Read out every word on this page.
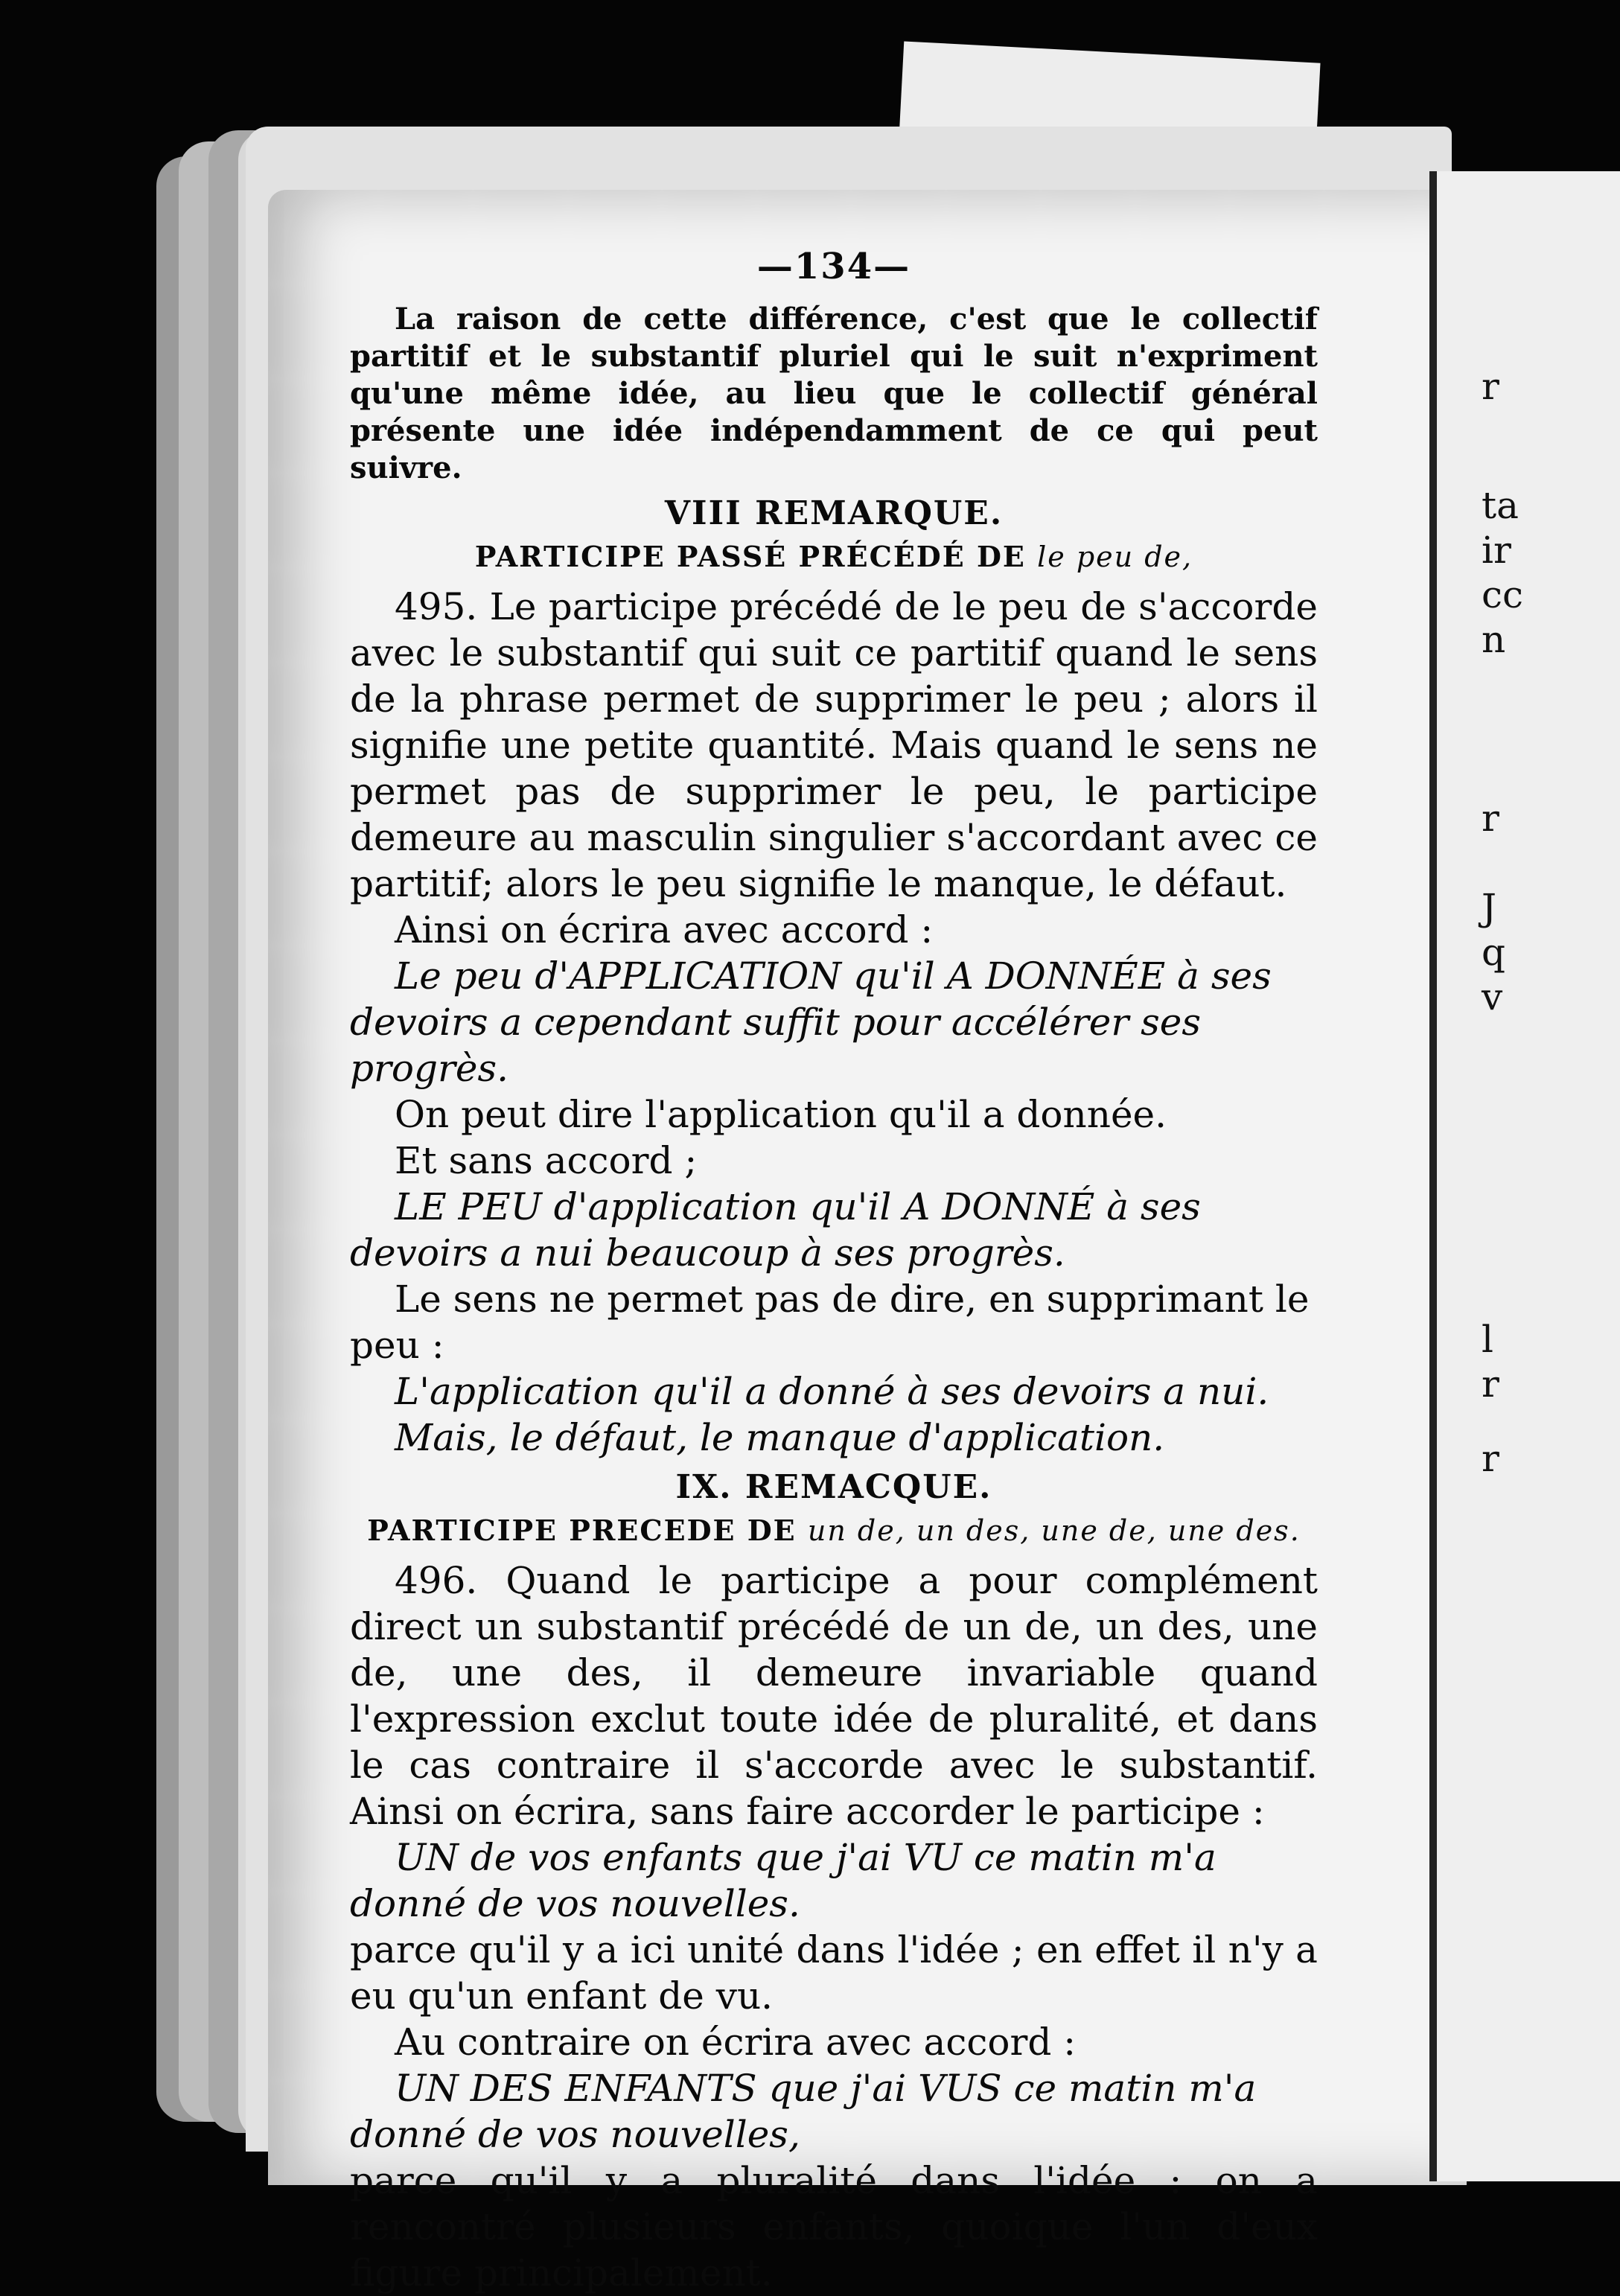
r
ta
ir
cc
n
r
J
q
v
l
r
r

—134—

La raison de cette différence, c'est que le collectif partitif et le substantif pluriel qui le suit n'expriment qu'une même idée, au lieu que le collectif général présente une idée indépendamment de ce qui peut suivre.

VIII REMARQUE.

PARTICIPE PASSÉ PRÉCÉDÉ DE le peu de,

495. Le participe précédé de le peu de s'accorde avec le substantif qui suit ce partitif quand le sens de la phrase permet de supprimer le peu ; alors il signifie une petite quantité. Mais quand le sens ne permet pas de supprimer le peu, le participe demeure au masculin singulier s'accordant avec ce partitif; alors le peu signifie le manque, le défaut.

Ainsi on écrira avec accord :

Le peu d'APPLICATION qu'il A DONNÉE à ses devoirs a cependant suffit pour accélérer ses progrès.

On peut dire l'application qu'il a donnée.

Et sans accord ;

LE PEU d'application qu'il A DONNÉ à ses devoirs a nui beaucoup à ses progrès.

Le sens ne permet pas de dire, en supprimant le peu :

L'application qu'il a donné à ses devoirs a nui.

Mais, le défaut, le manque d'application.

IX. REMACQUE.

PARTICIPE PRECEDE DE un de, un des, une de, une des.

496. Quand le participe a pour complément direct un substantif précédé de un de, un des, une de, une des, il demeure invariable quand l'expression exclut toute idée de pluralité, et dans le cas contraire il s'accorde avec le substantif. Ainsi on écrira, sans faire accorder le participe :

UN de vos enfants que j'ai VU ce matin m'a donné de vos nouvelles.

parce qu'il y a ici unité dans l'idée ; en effet il n'y a eu qu'un enfant de vu.

Au contraire on écrira avec accord :

UN DES ENFANTS que j'ai VUS ce matin m'a donné de vos nouvelles,

parce qu'il y a pluralité dans l'idée : on a rencontré plusieurs enfants, quoique l'un d'eux figure principalement.
